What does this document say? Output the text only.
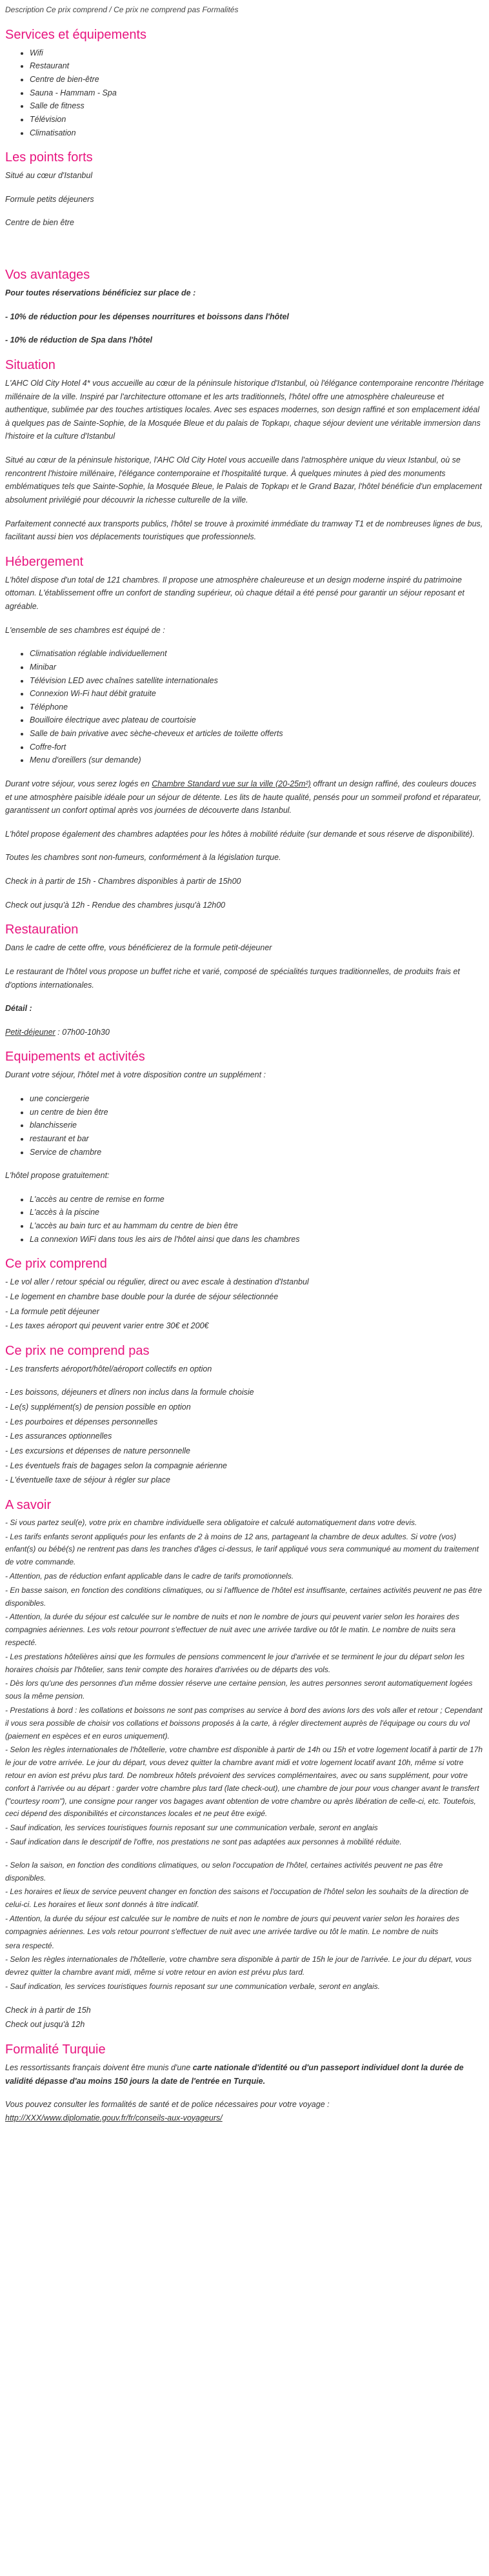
Description Ce prix comprend / Ce prix ne comprend pas Formalités
Services et équipements
• Wifi
• Restaurant
• Centre de bien-être
• Sauna - Hammam - Spa
• Salle de fitness
• Télévision
• Climatisation
Les points forts

Situé au cœur d'Istanbul

Formule petits déjeuners

Centre de bien être

Vos avantages

Pour toutes réservations bénéficiez sur place de :

- 10% de réduction pour les dépenses nourritures et boissons dans l'hôtel

- 10% de réduction de Spa dans l'hôtel

Situation

L'AHC Old City Hotel 4* vous accueille au cœur de la péninsule historique d'Istanbul, où l'élégance contemporaine rencontre l'héritage millénaire de la ville. Inspiré par l'architecture ottomane et les arts traditionnels, l'hôtel offre une atmosphère chaleureuse et authentique, sublimée par des touches artistiques locales. Avec ses espaces modernes, son design raffiné et son emplacement idéal à quelques pas de Sainte-Sophie, de la Mosquée Bleue et du palais de Topkapı, chaque séjour devient une véritable immersion dans l'histoire et la culture d'Istanbul

Situé au cœur de la péninsule historique, l'AHC Old City Hotel vous accueille dans l'atmosphère unique du vieux Istanbul, où se rencontrent l'histoire millénaire, l'élégance contemporaine et l'hospitalité turque. À quelques minutes à pied des monuments emblématiques tels que Sainte-Sophie, la Mosquée Bleue, le Palais de Topkapı et le Grand Bazar, l'hôtel bénéficie d'un emplacement absolument privilégié pour découvrir la richesse culturelle de la ville.

Parfaitement connecté aux transports publics, l'hôtel se trouve à proximité immédiate du tramway T1 et de nombreuses lignes de bus, facilitant aussi bien vos déplacements touristiques que professionnels.

Hébergement

L'hôtel dispose d'un total de 121 chambres. Il propose une atmosphère chaleureuse et un design moderne inspiré du patrimoine ottoman. L'établissement offre un confort de standing supérieur, où chaque détail a été pensé pour garantir un séjour reposant et agréable.

L'ensemble de ses chambres est équipé de :

• Climatisation réglable individuellement
• Minibar
• Télévision LED avec chaînes satellite internationales
• Connexion Wi-Fi haut débit gratuite
• Téléphone
• Bouilloire électrique avec plateau de courtoisie
• Salle de bain privative avec sèche-cheveux et articles de toilette offerts
• Coffre-fort
• Menu d'oreillers (sur demande)

Durant votre séjour, vous serez logés en Chambre Standard vue sur la ville (20-25m²) offrant un design raffiné, des couleurs douces et une atmosphère paisible idéale pour un séjour de détente. Les lits de haute qualité, pensés pour un sommeil profond et réparateur, garantissent un confort optimal après vos journées de découverte dans Istanbul.

L'hôtel propose également des chambres adaptées pour les hôtes à mobilité réduite (sur demande et sous réserve de disponibilité).

Toutes les chambres sont non-fumeurs, conformément à la législation turque.

Check in à partir de 15h - Chambres disponibles à partir de 15h00

Check out jusqu'à 12h - Rendue des chambres jusqu'à 12h00

Restauration

Dans le cadre de cette offre, vous bénéficierez de la formule petit-déjeuner

Le restaurant de l'hôtel vous propose un buffet riche et varié, composé de spécialités turques traditionnelles, de produits frais et d'options internationales.

Détail :

Petit-déjeuner : 07h00-10h30

Equipements et activités

Durant votre séjour, l'hôtel met à votre disposition contre un supplément :

• une conciergerie
• un centre de bien être
• blanchisserie
• restaurant et bar
• Service de chambre

L'hôtel propose gratuitement:

• L'accès au centre de remise en forme
• L'accès à la piscine
• L'accès au bain turc et au hammam du centre de bien être
• La connexion WiFi dans tous les airs de l'hôtel ainsi que dans les chambres
Ce prix comprend

- Le vol aller / retour spécial ou régulier, direct ou avec escale à destination d'Istanbul

- Le logement en chambre base double pour la durée de séjour sélectionnée

- La formule petit déjeuner

- Les taxes aéroport qui peuvent varier entre 30€ et 200€

Ce prix ne comprend pas

- Les transferts aéroport/hôtel/aéroport collectifs en option

- Les boissons, déjeuners et dîners non inclus dans la formule choisie

- Le(s) supplément(s) de pension possible en option

- Les pourboires et dépenses personnelles

- Les assurances optionnelles

- Les excursions et dépenses de nature personnelle

- Les éventuels frais de bagages selon la compagnie aérienne

- L'éventuelle taxe de séjour à régler sur place

A savoir

- Si vous partez seul(e), votre prix en chambre individuelle sera obligatoire et calculé automatiquement dans votre devis.

- Les tarifs enfants seront appliqués pour les enfants de 2 à moins de 12 ans, partageant la chambre de deux adultes. Si votre (vos) enfant(s) ou bébé(s) ne rentrent pas dans les tranches d'âges ci-dessus, le tarif appliqué vous sera communiqué au moment du traitement de votre commande.

- Attention, pas de réduction enfant applicable dans le cadre de tarifs promotionnels.

- En basse saison, en fonction des conditions climatiques, ou si l'affluence de l'hôtel est insuffisante, certaines activités peuvent ne pas être disponibles.

- Attention, la durée du séjour est calculée sur le nombre de nuits et non le nombre de jours qui peuvent varier selon les horaires des compagnies aériennes. Les vols retour pourront s'effectuer de nuit avec une arrivée tardive ou tôt le matin. Le nombre de nuits sera respecté.

- Les prestations hôtelières ainsi que les formules de pensions commencent le jour d'arrivée et se terminent le jour du départ selon les horaires choisis par l'hôtelier, sans tenir compte des horaires d'arrivées ou de départs des vols.

- Dès lors qu'une des personnes d'un même dossier réserve une certaine pension, les autres personnes seront automatiquement logées sous la même pension.

- Prestations à bord : les collations et boissons ne sont pas comprises au service à bord des avions lors des vols aller et retour ; Cependant il vous sera possible de choisir vos collations et boissons proposés à la carte, à régler directement auprès de l'équipage ou cours du vol (paiement en espèces et en euros uniquement).

- Selon les règles internationales de l'hôtellerie, votre chambre est disponible à partir de 14h ou 15h et votre logement locatif à partir de 17h le jour de votre arrivée. Le jour du départ, vous devez quitter la chambre avant midi et votre logement locatif avant 10h, même si votre retour en avion est prévu plus tard. De nombreux hôtels prévoient des services complémentaires, avec ou sans supplément, pour votre confort à l'arrivée ou au départ : garder votre chambre plus tard (late check-out), une chambre de jour pour vous changer avant le transfert ("courtesy room"), une consigne pour ranger vos bagages avant obtention de votre chambre ou après libération de celle-ci, etc. Toutefois, ceci dépend des disponibilités et circonstances locales et ne peut être exigé.

- Sauf indication, les services touristiques fournis reposant sur une communication verbale, seront en anglais

- Sauf indication dans le descriptif de l'offre, nos prestations ne sont pas adaptées aux personnes à mobilité réduite.

- Selon la saison, en fonction des conditions climatiques, ou selon l'occupation de l'hôtel, certaines activités peuvent ne pas être disponibles.

- Les horaires et lieux de service peuvent changer en fonction des saisons et l'occupation de l'hôtel selon les souhaits de la direction de celui-ci. Les horaires et lieux sont donnés à titre indicatif.

- Attention, la durée du séjour est calculée sur le nombre de nuits et non le nombre de jours qui peuvent varier selon les horaires des compagnies aériennes. Les vols retour pourront s'effectuer de nuit avec une arrivée tardive ou tôt le matin. Le nombre de nuits

sera respecté.

- Selon les règles internationales de l'hôtellerie, votre chambre sera disponible à partir de 15h le jour de l'arrivée. Le jour du départ, vous devrez quitter la chambre avant midi, même si votre retour en avion est prévu plus tard.

- Sauf indication, les services touristiques fournis reposant sur une communication verbale, seront en anglais.

Check in à partir de 15h

Check out jusqu'à 12h

Formalité Turquie

Les ressortissants français doivent être munis d'une carte nationale d'identité ou d'un passeport individuel dont la durée de validité dépasse d'au moins 150 jours la date de l'entrée en Turquie.

Vous pouvez consulter les formalités de santé et de police nécessaires pour votre voyage :
http://XXX/www.diplomatie.gouv.fr/fr/conseils-aux-voyageurs/
